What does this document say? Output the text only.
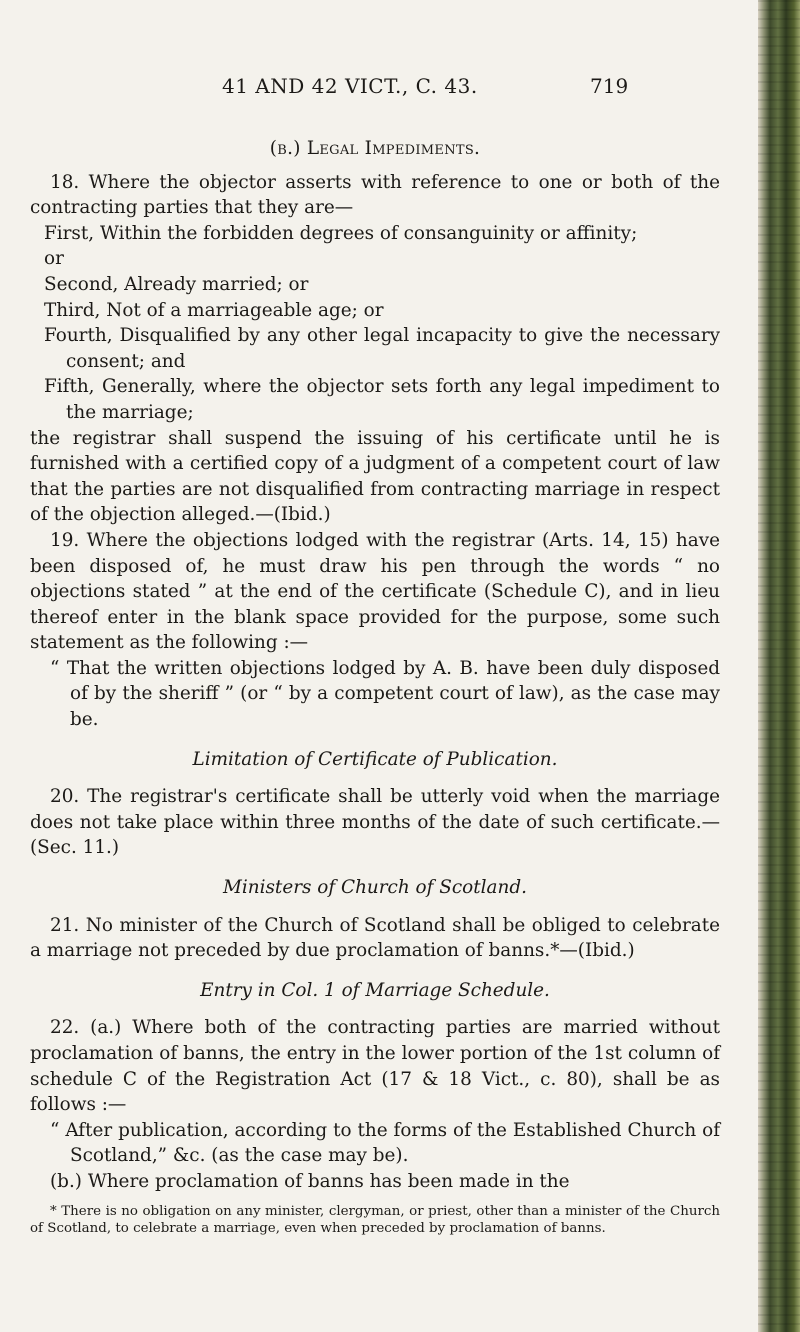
41 AND 42 VICT., C. 43.	719

(b.) Legal Impediments.

18. Where the objector asserts with reference to one or both of the contracting parties that they are—

First, Within the forbidden degrees of consanguinity or affinity;

or

Second, Already married; or

Third, Not of a marriageable age; or

Fourth, Disqualified by any other legal incapacity to give the necessary consent; and

Fifth, Generally, where the objector sets forth any legal impediment to the marriage;

the registrar shall suspend the issuing of his certificate until he is furnished with a certified copy of a judgment of a competent court of law that the parties are not disqualified from contracting marriage in respect of the objection alleged.—(Ibid.)

19. Where the objections lodged with the registrar (Arts. 14, 15) have been disposed of, he must draw his pen through the words “ no objections stated ” at the end of the certificate (Schedule C), and in lieu thereof enter in the blank space provided for the purpose, some such statement as the following :—

“ That the written objections lodged by A. B. have been duly disposed of by the sheriff ” (or “ by a competent court of law), as the case may be.

Limitation of Certificate of Publication.

20. The registrar's certificate shall be utterly void when the marriage does not take place within three months of the date of such certificate.—(Sec. 11.)

Ministers of Church of Scotland.

21. No minister of the Church of Scotland shall be obliged to celebrate a marriage not preceded by due proclamation of banns.*—(Ibid.)

Entry in Col. 1 of Marriage Schedule.

22. (a.) Where both of the contracting parties are married without proclamation of banns, the entry in the lower portion of the 1st column of schedule C of the Registration Act (17 & 18 Vict., c. 80), shall be as follows :—

“ After publication, according to the forms of the Established Church of Scotland,” &c. (as the case may be).

(b.) Where proclamation of banns has been made in the

* There is no obligation on any minister, clergyman, or priest, other than a minister of the Church of Scotland, to celebrate a marriage, even when preceded by proclamation of banns.
